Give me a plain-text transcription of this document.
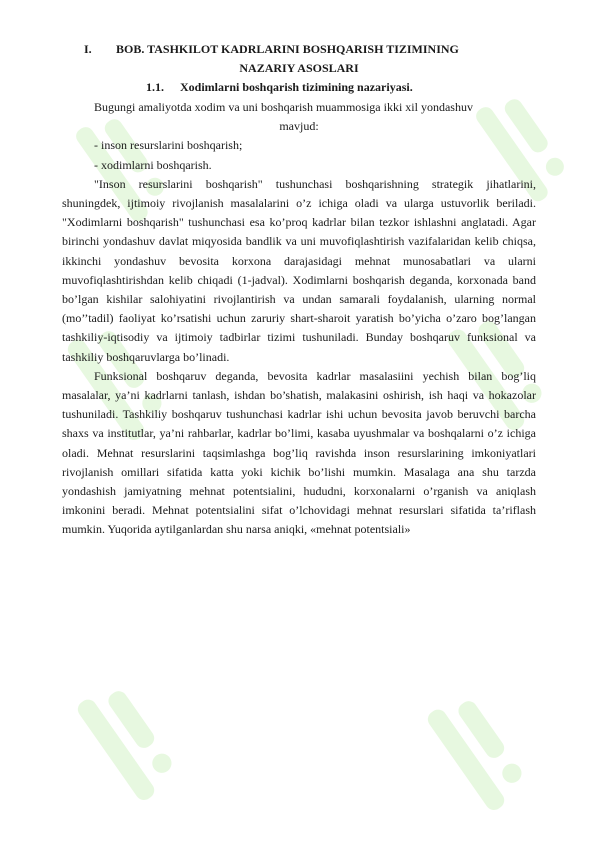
I. BOB. TASHKILOT KADRLARINI BOSHQARISH TIZIMINING
NAZARIY ASOSLARI
1.1. Xodimlarni boshqarish tizimining nazariyasi.

Bugungi amaliyotda xodim va uni boshqarish muammosiga ikki xil yondashuv

mavjud:

- inson resurslarini boshqarish;

- xodimlarni boshqarish.

"Inson resurslarini boshqarish" tushunchasi boshqarishning strategik jihatlarini, shuningdek, ijtimoiy rivojlanish masalalarini o’z ichiga oladi va ularga ustuvorlik beriladi. "Xodimlarni boshqarish" tushunchasi esa ko’proq kadrlar bilan tezkor ishlashni anglatadi. Agar birinchi yondashuv davlat miqyosida bandlik va uni muvofiqlashtirish vazifalaridan kelib chiqsa, ikkinchi yondashuv bevosita korxona darajasidagi mehnat munosabatlari va ularni muvofiqlashtirishdan kelib chiqadi (1-jadval). Xodimlarni boshqarish deganda, korxonada band bo’lgan kishilar salohiyatini rivojlantirish va undan samarali foydalanish, ularning normal (mo’’tadil) faoliyat ko’rsatishi uchun zaruriy shart-sharoit yaratish bo’yicha o’zaro bog’langan tashkiliy-iqtisodiy va ijtimoiy tadbirlar tizimi tushuniladi. Bunday boshqaruv funksional va tashkiliy boshqaruvlarga bo’linadi.

Funksional boshqaruv deganda, bevosita kadrlar masalasiini yechish bilan bog’liq masalalar, ya’ni kadrlarni tanlash, ishdan bo’shatish, malakasini oshirish, ish haqi va hokazolar tushuniladi. Tashkiliy boshqaruv tushunchasi kadrlar ishi uchun bevosita javob beruvchi barcha shaxs va institutlar, ya’ni rahbarlar, kadrlar bo’limi, kasaba uyushmalar va boshqalarni o’z ichiga oladi. Mehnat resurslarini taqsimlashga bog’liq ravishda inson resurslarining imkoniyatlari rivojlanish omillari sifatida katta yoki kichik bo’lishi mumkin. Masalaga ana shu tarzda yondashish jamiyatning mehnat potentsialini, hududni, korxonalarni o’rganish va aniqlash imkonini beradi. Mehnat potentsialini sifat o’lchovidagi mehnat resurslari sifatida ta’riflash mumkin. Yuqorida aytilganlardan shu narsa aniqki, «mehnat potentsiali»
